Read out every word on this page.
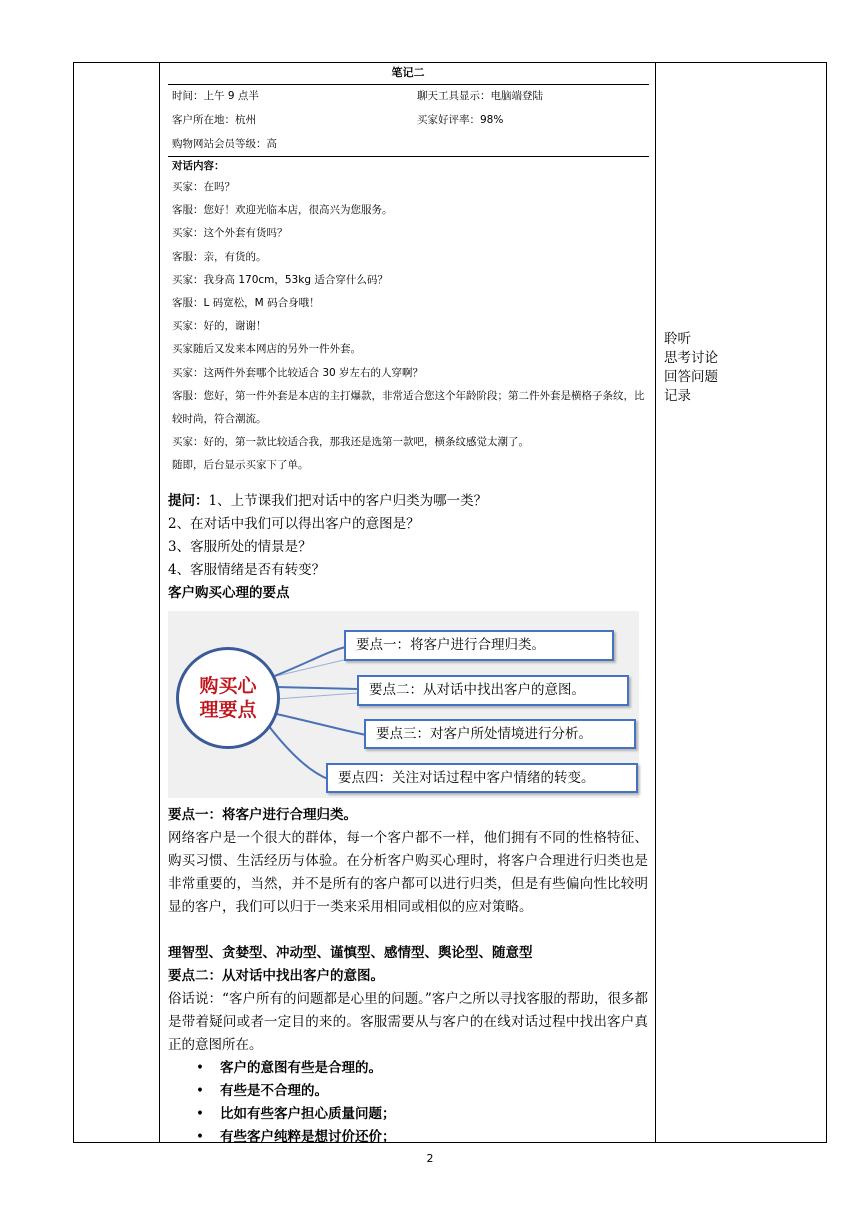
笔记二
时间：上午 9 点半	聊天工具显示：电脑端登陆
客户所在地：杭州	买家好评率：98%
购物网站会员等级：高
对话内容：
买家：在吗？
客服：您好！欢迎光临本店，很高兴为您服务。
买家：这个外套有货吗？
客服：亲，有货的。
买家：我身高 170cm，53kg 适合穿什么码？
客服：L 码宽松，M 码合身哦！
买家：好的，谢谢！
买家随后又发来本网店的另外一件外套。
买家：这两件外套哪个比较适合 30 岁左右的人穿啊？
客服：您好，第一件外套是本店的主打爆款，非常适合您这个年龄阶段；第二件外套是横格子条纹，比较时尚，符合潮流。
买家：好的，第一款比较适合我，那我还是选第一款吧，横条纹感觉太潮了。
随即，后台显示买家下了单。
提问：1、上节课我们把对话中的客户归类为哪一类？
2、在对话中我们可以得出客户的意图是？
3、客服所处的情景是？
4、客服情绪是否有转变？
客户购买心理的要点
购买心理要点
要点一：将客户进行合理归类。
要点二：从对话中找出客户的意图。
要点三：对客户所处情境进行分析。
要点四：关注对话过程中客户情绪的转变。
要点一：将客户进行合理归类。
网络客户是一个很大的群体，每一个客户都不一样，他们拥有不同的性格特征、购买习惯、生活经历与体验。在分析客户购买心理时，将客户合理进行归类也是非常重要的，当然，并不是所有的客户都可以进行归类，但是有些偏向性比较明显的客户，我们可以归于一类来采用相同或相似的应对策略。
理智型、贪婪型、冲动型、谨慎型、感情型、舆论型、随意型
要点二：从对话中找出客户的意图。
俗话说：“客户所有的问题都是心里的问题。”客户之所以寻找客服的帮助，很多都是带着疑问或者一定目的来的。客服需要从与客户的在线对话过程中找出客户真正的意图所在。
• 客户的意图有些是合理的。
• 有些是不合理的。
• 比如有些客户担心质量问题；
• 有些客户纯粹是想讨价还价；
聆听
思考讨论
回答问题
记录
2
